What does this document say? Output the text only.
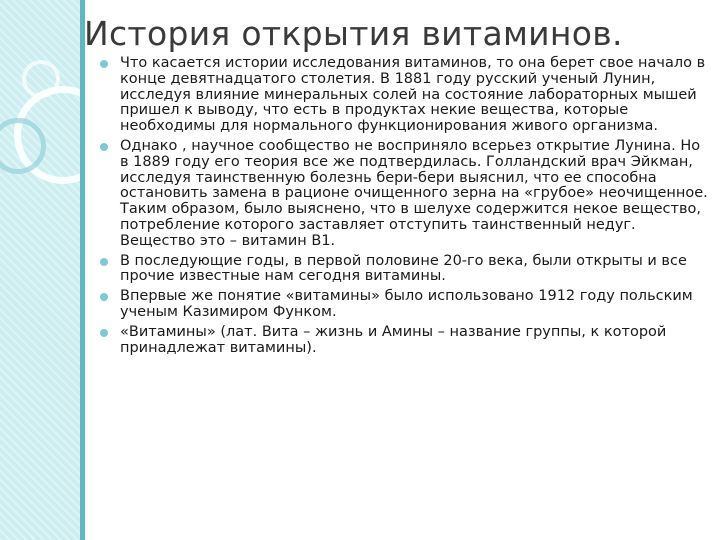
История открытия витаминов.
Что касается истории исследования витаминов, то она берет свое начало в конце девятнадцатого столетия. В 1881 году русский ученый Лунин, исследуя влияние минеральных солей на состояние лабораторных мышей пришел к выводу, что есть в продуктах некие вещества, которые необходимы для нормального функционирования живого организма.
Однако , научное сообщество не восприняло всерьез открытие Лунина. Но в 1889 году его теория все же подтвердилась. Голландский врач Эйкман, исследуя таинственную болезнь бери-бери выяснил, что ее способна остановить замена в рационе очищенного зерна на «грубое» неочищенное. Таким образом, было выяснено, что в шелухе содержится некое вещество, потребление которого заставляет отступить таинственный недуг. Вещество это – витамин В1.
В последующие годы, в первой половине 20-го века, были открыты и все прочие известные нам сегодня витамины.
Впервые же понятие «витамины» было использовано 1912 году польским ученым Казимиром Функом.
«Витамины» (лат. Вита – жизнь и Амины – название группы, к которой принадлежат витамины).
